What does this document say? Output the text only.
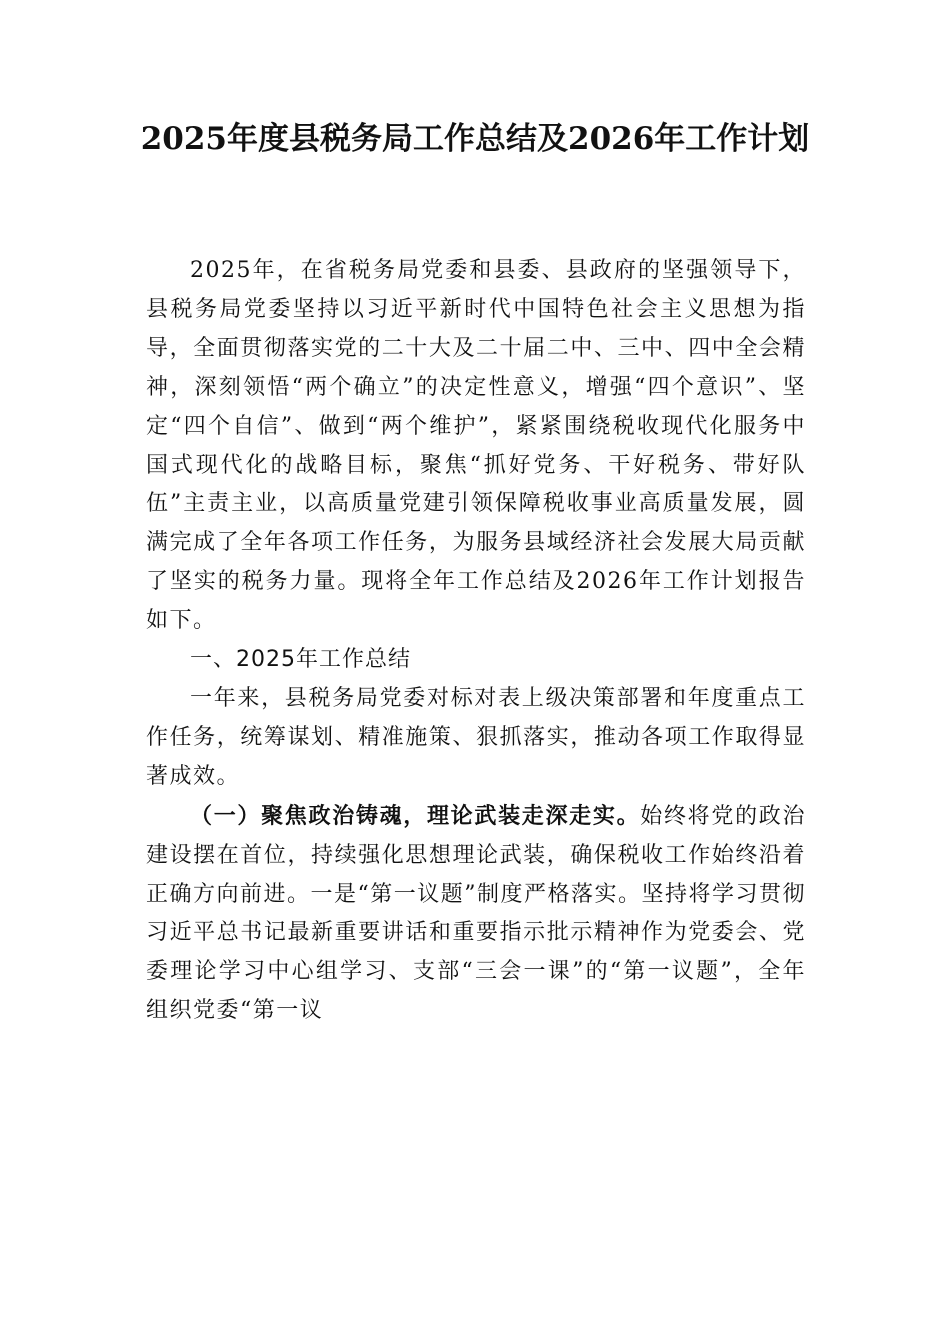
2025年度县税务局工作总结及2026年工作计划

2025年，在省税务局党委和县委、县政府的坚强领导下，县税务局党委坚持以习近平新时代中国特色社会主义思想为指导，全面贯彻落实党的二十大及二十届二中、三中、四中全会精神，深刻领悟“两个确立”的决定性意义，增强“四个意识”、坚定“四个自信”、做到“两个维护”，紧紧围绕税收现代化服务中国式现代化的战略目标，聚焦“抓好党务、干好税务、带好队伍”主责主业，以高质量党建引领保障税收事业高质量发展，圆满完成了全年各项工作任务，为服务县域经济社会发展大局贡献了坚实的税务力量。现将全年工作总结及2026年工作计划报告如下。

一、2025年工作总结

一年来，县税务局党委对标对表上级决策部署和年度重点工作任务，统筹谋划、精准施策、狠抓落实，推动各项工作取得显著成效。

（一）聚焦政治铸魂，理论武装走深走实。始终将党的政治建设摆在首位，持续强化思想理论武装，确保税收工作始终沿着正确方向前进。一是“第一议题”制度严格落实。坚持将学习贯彻习近平总书记最新重要讲话和重要指示批示精神作为党委会、党委理论学习中心组学习、支部“三会一课”的“第一议题”，全年组织党委“第一议
